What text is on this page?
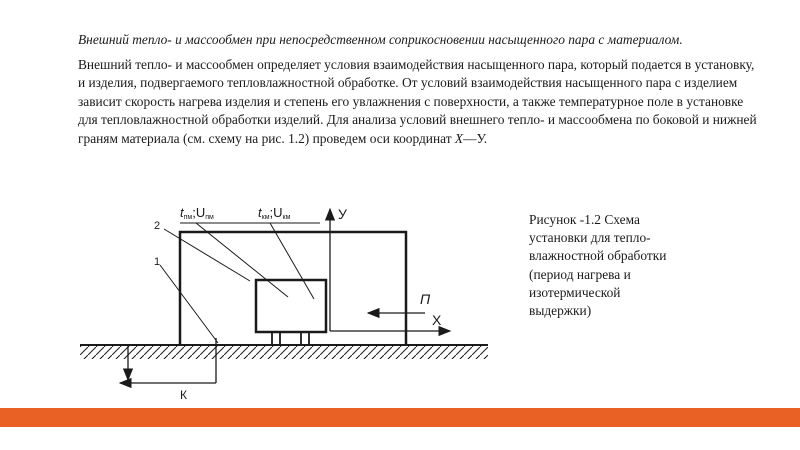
Внешний тепло- и массообмен при непосредственном соприкосновении насыщенного пара с материалом.
Внешний тепло- и массообмен определяет условия взаимодействия насыщенного пара, который подается в установку, и изделия, подвергаемого тепловлажностной обработке. От условий взаимодействия насыщенного пара с изделием зависит скорость нагрева изделия и степень его увлажнения с поверхности, а также температурное поле в установке для тепловлажностной обработки изделий. Для анализа условий внешнего тепло- и массообмена по боковой и нижней граням материала (см. схему на рис. 1.2) проведем оси координат X—У.
2
1
tпм;Uпм	tкм;Uкм	У
X
П
К
Рисунок -1.2 Схема установки для тепло-влажностной обработки (период нагрева и изотермической выдержки)
